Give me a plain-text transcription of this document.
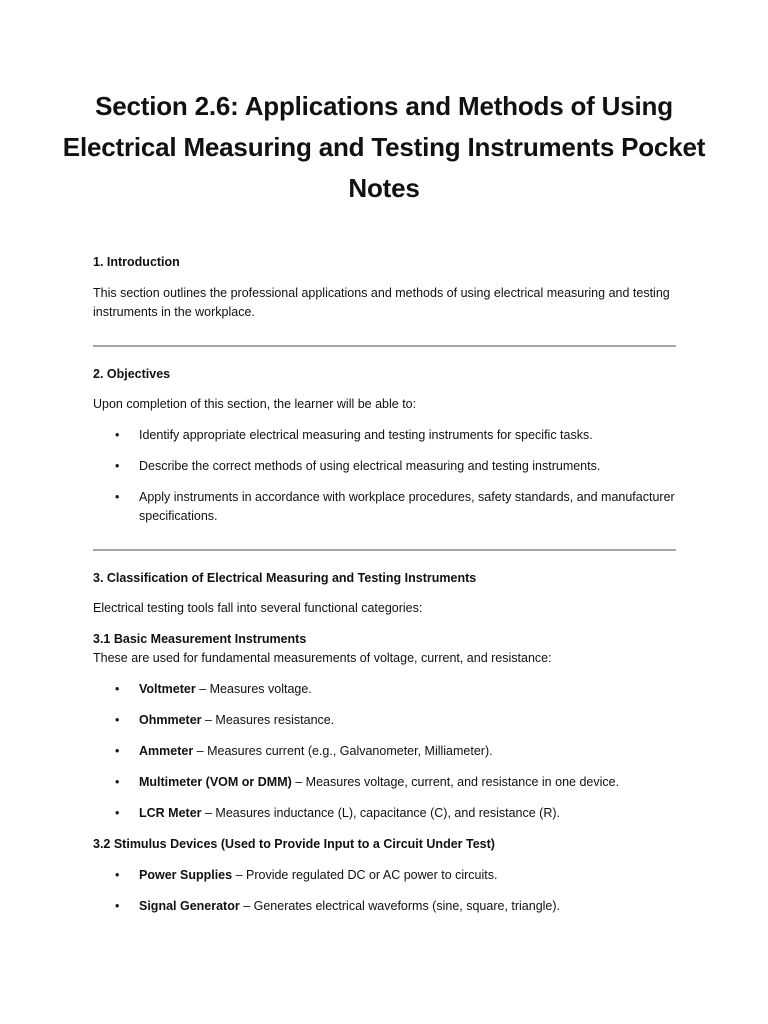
Section 2.6: Applications and Methods of Using Electrical Measuring and Testing Instruments Pocket Notes

1. Introduction

This section outlines the professional applications and methods of using electrical measuring and testing instruments in the workplace.

2. Objectives

Upon completion of this section, the learner will be able to:

• Identify appropriate electrical measuring and testing instruments for specific tasks.
• Describe the correct methods of using electrical measuring and testing instruments.
• Apply instruments in accordance with workplace procedures, safety standards, and manufacturer specifications.

3. Classification of Electrical Measuring and Testing Instruments

Electrical testing tools fall into several functional categories:

3.1 Basic Measurement Instruments

These are used for fundamental measurements of voltage, current, and resistance:

• Voltmeter – Measures voltage.
• Ohmmeter – Measures resistance.
• Ammeter – Measures current (e.g., Galvanometer, Milliameter).
• Multimeter (VOM or DMM) – Measures voltage, current, and resistance in one device.
• LCR Meter – Measures inductance (L), capacitance (C), and resistance (R).

3.2 Stimulus Devices (Used to Provide Input to a Circuit Under Test)

• Power Supplies – Provide regulated DC or AC power to circuits.
• Signal Generator – Generates electrical waveforms (sine, square, triangle).
